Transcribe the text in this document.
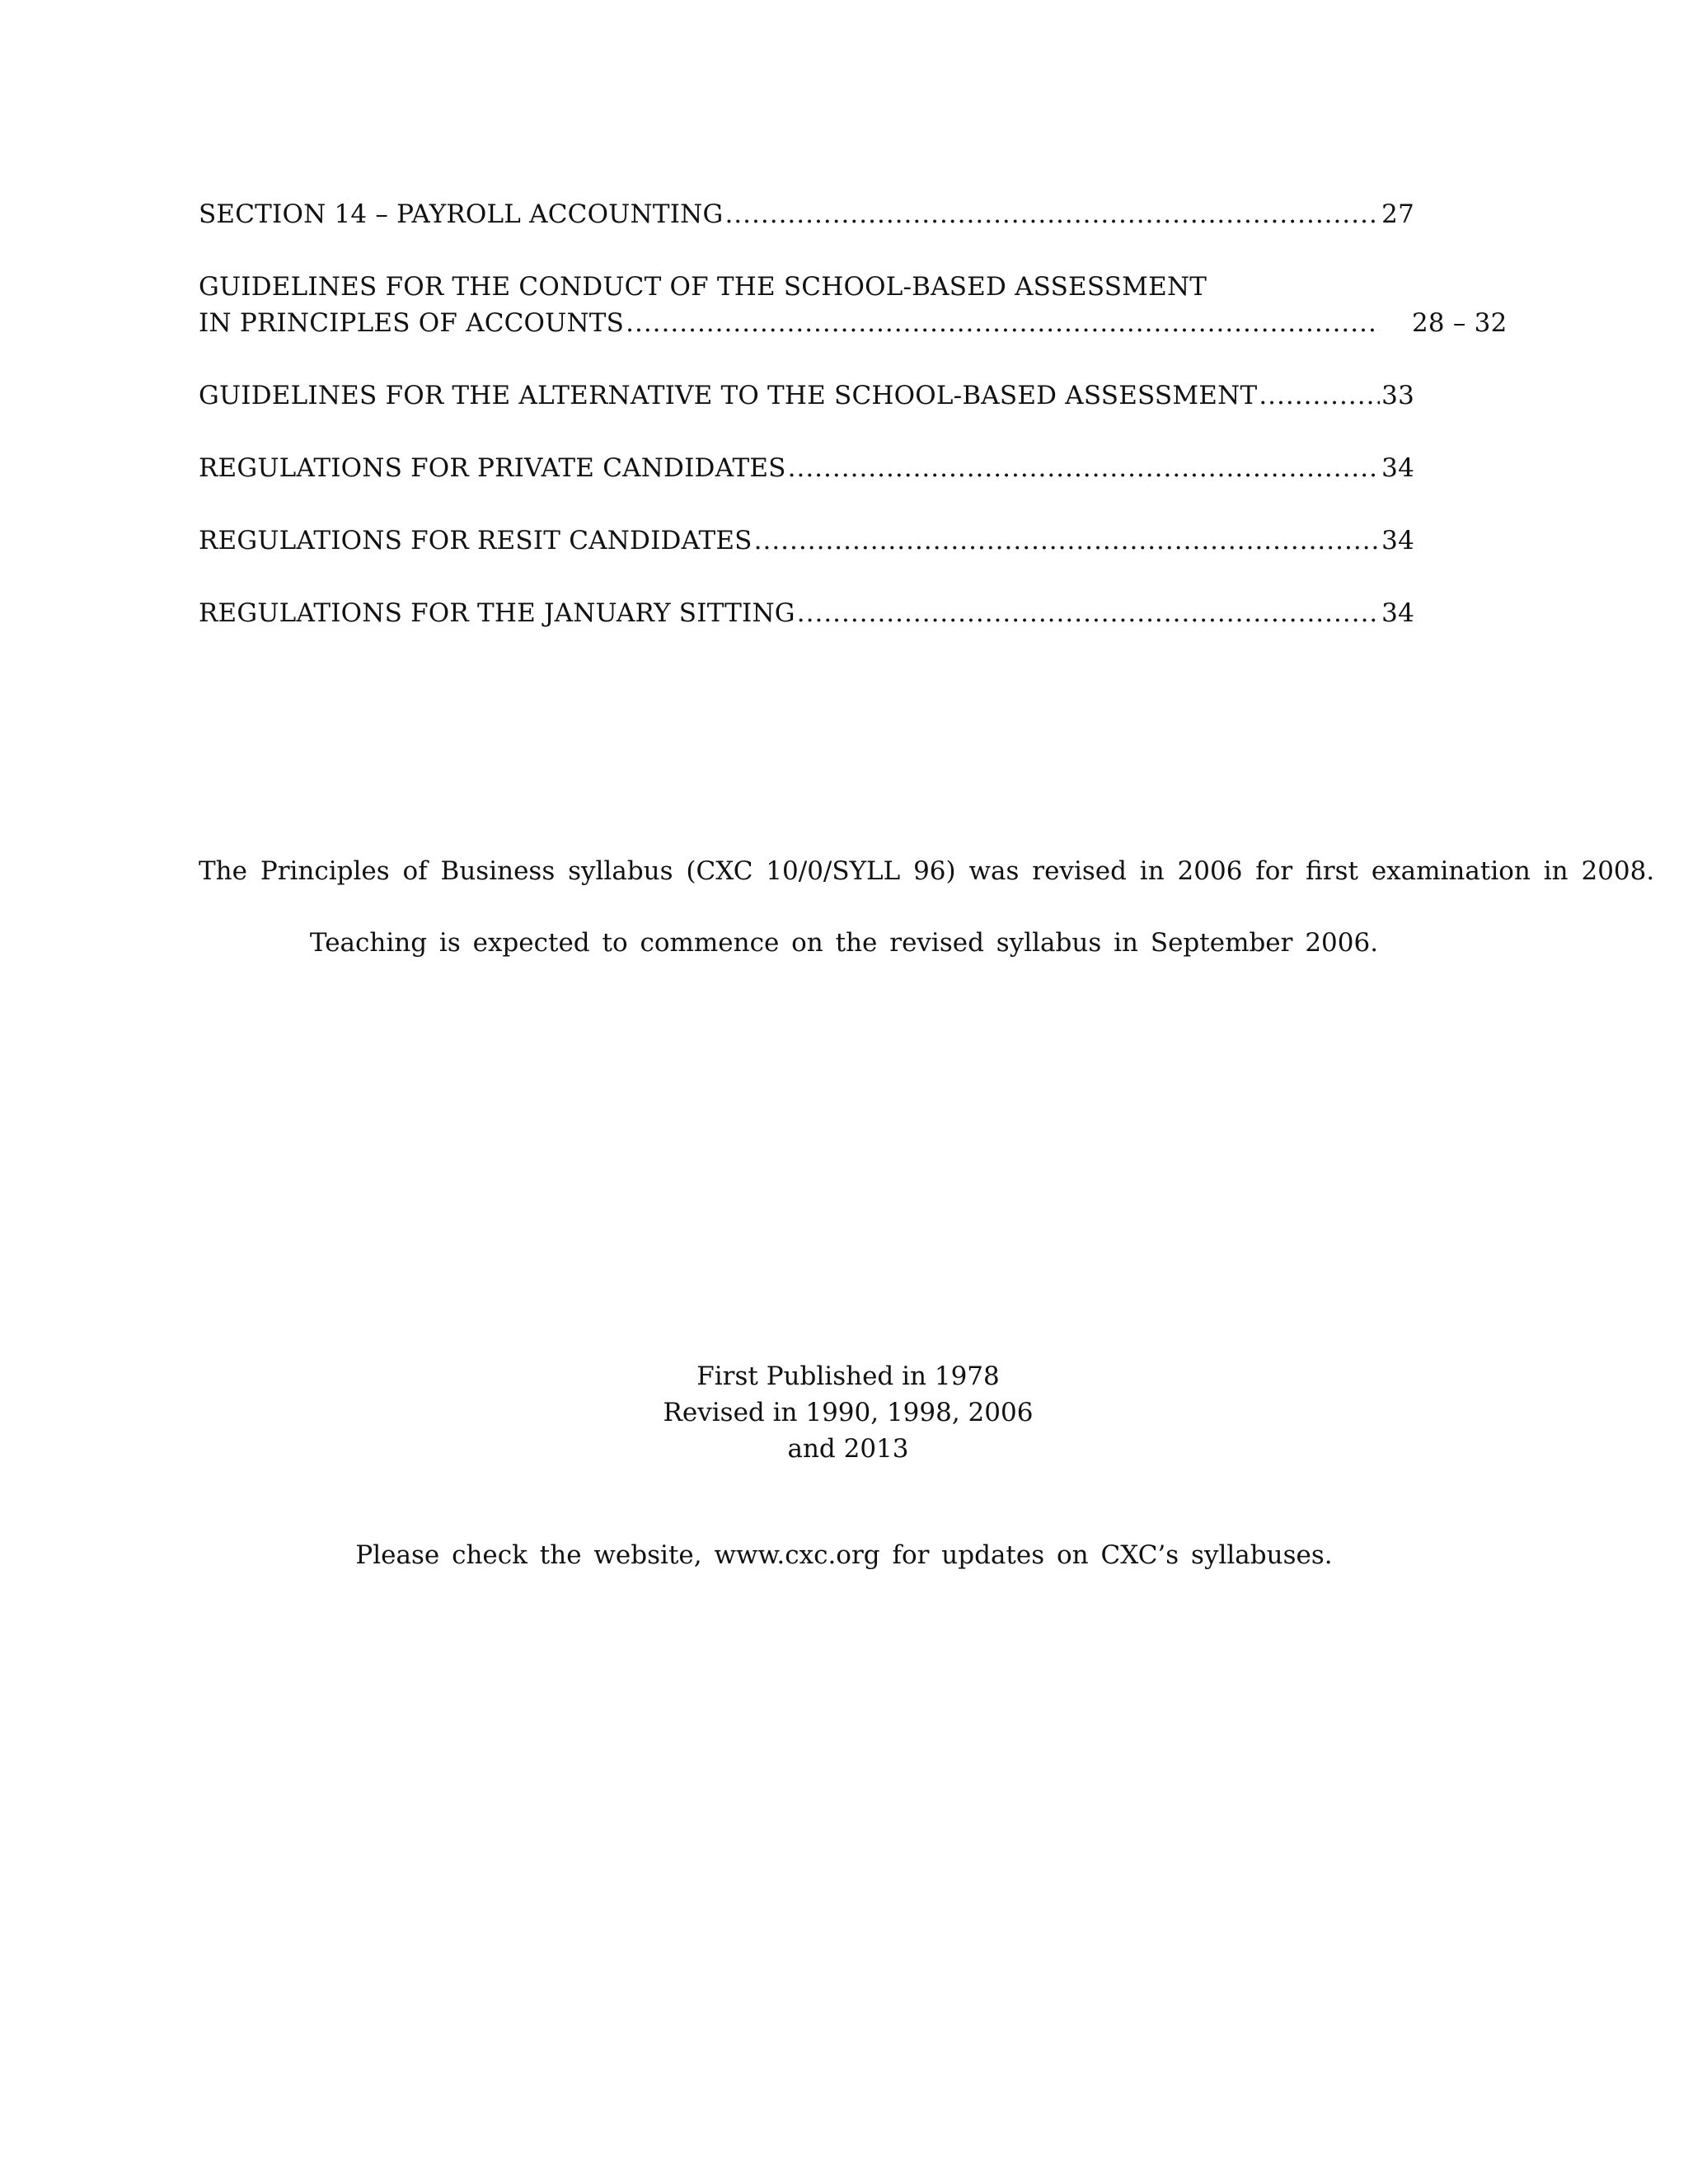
SECTION 14 – PAYROLL ACCOUNTING .....	27
GUIDELINES FOR THE CONDUCT OF THE SCHOOL-BASED ASSESSMENT
IN PRINCIPLES OF ACCOUNTS .....	28 – 32
GUIDELINES FOR THE ALTERNATIVE TO THE SCHOOL-BASED ASSESSMENT .....	33
REGULATIONS FOR PRIVATE CANDIDATES .....	34
REGULATIONS FOR RESIT CANDIDATES .....	34
REGULATIONS FOR THE JANUARY SITTING .....	34

The Principles of Business syllabus (CXC 10/0/SYLL 96) was revised in 2006 for first examination in 2008.

Teaching is expected to commence on the revised syllabus in September 2006.

First Published in 1978
Revised in 1990, 1998, 2006
and 2013

Please check the website, www.cxc.org for updates on CXC’s syllabuses.
